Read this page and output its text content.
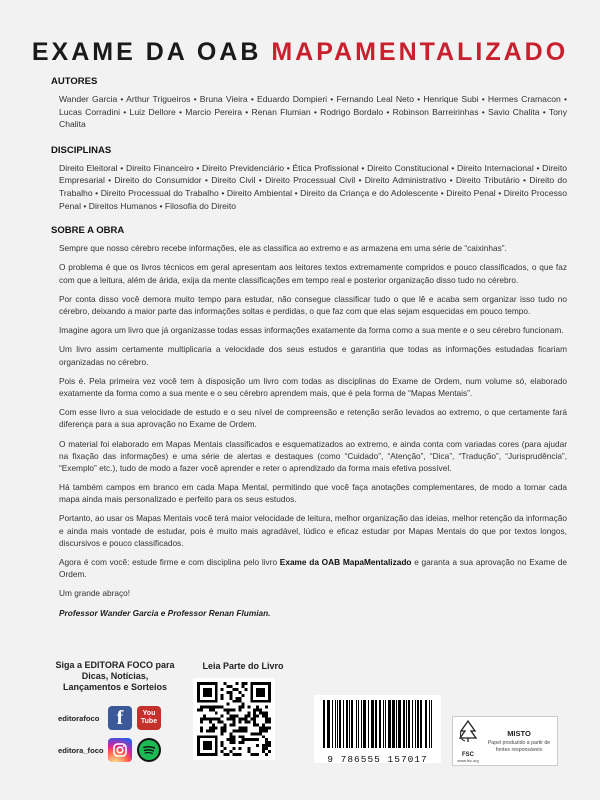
EXAME DA OAB MAPAMENTALIZADO
AUTORES
Wander Garcia • Arthur Trigueiros • Bruna Vieira • Eduardo Dompieri • Fernando Leal Neto • Henrique Subi • Hermes Cramacon • Lucas Corradini • Luiz Dellore • Marcio Pereira • Renan Flumian • Rodrigo Bordalo • Robinson Barreirinhas • Savio Chalita • Tony Chalita
DISCIPLINAS
Direito Eleitoral • Direito Financeiro • Direito Previdenciário • Ética Profissional • Direito Constitucional • Direito Internacional • Direito Empresarial • Direito do Consumidor • Direito Civil • Direito Processual Civil • Direito Administrativo • Direito Tributário • Direito do Trabalho • Direito Processual do Trabalho • Direito Ambiental • Direito da Criança e do Adolescente • Direito Penal • Direito Processo Penal • Direitos Humanos • Filosofia do Direito
SOBRE A OBRA

Sempre que nosso cérebro recebe informações, ele as classifica ao extremo e as armazena em uma série de “caixinhas”.

O problema é que os livros técnicos em geral apresentam aos leitores textos extremamente compridos e pouco classificados, o que faz com que a leitura, além de árida, exija da mente classificações em tempo real e posterior organização disso tudo no cérebro.

Por conta disso você demora muito tempo para estudar, não consegue classificar tudo o que lê e acaba sem organizar isso tudo no cérebro, deixando a maior parte das informações soltas e perdidas, o que faz com que elas sejam esquecidas em pouco tempo.

Imagine agora um livro que já organizasse todas essas informações exatamente da forma como a sua mente e o seu cérebro funcionam.

Um livro assim certamente multiplicaria a velocidade dos seus estudos e garantiria que todas as informações estudadas ficariam organizadas no cérebro.

Pois é. Pela primeira vez você tem à disposição um livro com todas as disciplinas do Exame de Ordem, num volume só, elaborado exatamente da forma como a sua mente e o seu cérebro aprendem mais, que é pela forma de “Mapas Mentais”.

Com esse livro a sua velocidade de estudo e o seu nível de compreensão e retenção serão levados ao extremo, o que certamente fará diferença para a sua aprovação no Exame de Ordem.

O material foi elaborado em Mapas Mentais classificados e esquematizados ao extremo, e ainda conta com variadas cores (para ajudar na fixação das informações) e uma série de alertas e destaques (como “Cuidado”, “Atenção”, “Dica”, “Tradução”, “Jurisprudência”, “Exemplo” etc.), tudo de modo a fazer você aprender e reter o aprendizado da forma mais efetiva possível.

Há também campos em branco em cada Mapa Mental, permitindo que você faça anotações complementares, de modo a tornar cada mapa ainda mais personalizado e perfeito para os seus estudos.

Portanto, ao usar os Mapas Mentais você terá maior velocidade de leitura, melhor organização das ideias, melhor retenção da informação e ainda mais vontade de estudar, pois é muito mais agradável, lúdico e eficaz estudar por Mapas Mentais do que por textos longos, discursivos e pouco classificados.

Agora é com você: estude firme e com disciplina pelo livro Exame da OAB MapaMentalizado e garanta a sua aprovação no Exame de Ordem.

Um grande abraço!

Professor Wander Garcia e Professor Renan Flumian.

Siga a EDITORA FOCO para Dicas, Notícias, Lançamentos e Sorteios
editorafoco f	You
Tube
editora_foco
Leia Parte do Livro
9 786555 157017	FSC
www.fsc.org
MISTO
Papel produzido a partir de fontes responsáveis
